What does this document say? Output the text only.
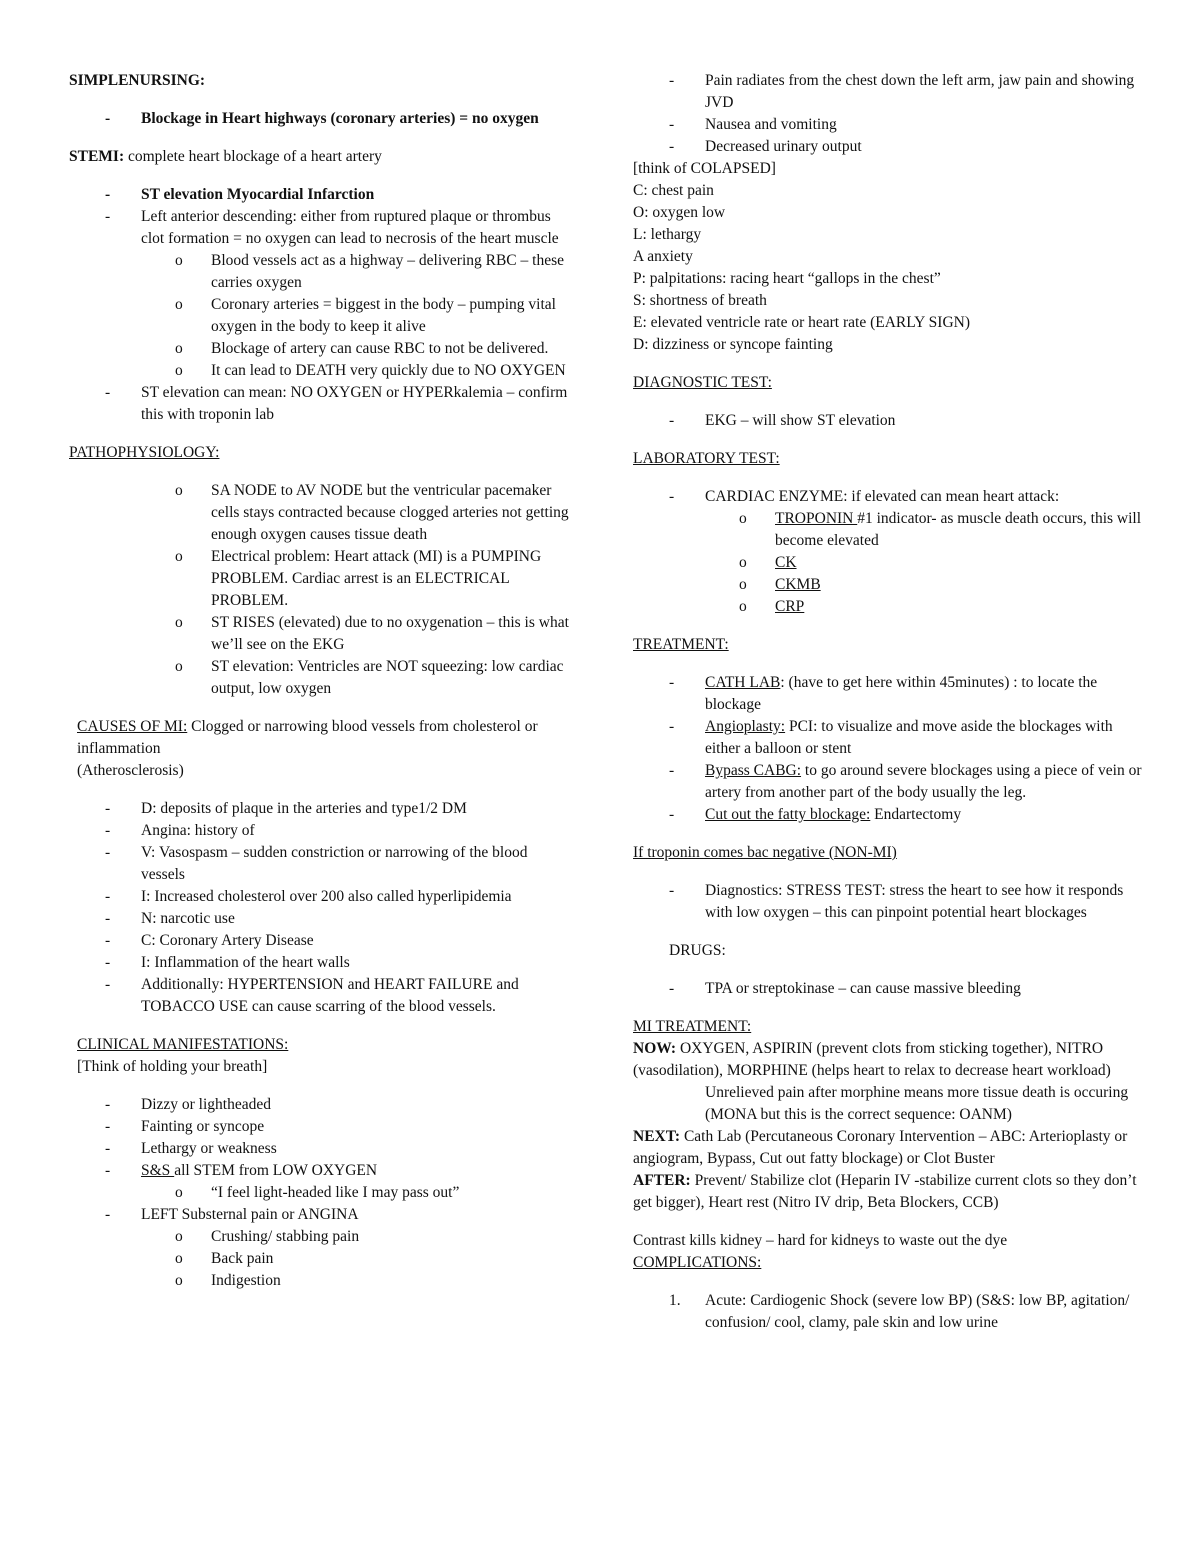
SIMPLENURSING:

-	Blockage in Heart highways (coronary arteries) = no oxygen

STEMI: complete heart blockage of a heart artery

-	ST elevation Myocardial Infarction
-	Left anterior descending: either from ruptured plaque or thrombus clot formation = no oxygen can lead to necrosis of the heart muscle
o	Blood vessels act as a highway – delivering RBC – these carries oxygen
o	Coronary arteries = biggest in the body – pumping vital oxygen in the body to keep it alive
o	Blockage of artery can cause RBC to not be delivered.
o	It can lead to DEATH very quickly due to NO OXYGEN
-	ST elevation can mean: NO OXYGEN or HYPERkalemia – confirm this with troponin lab

PATHOPHYSIOLOGY:

o	SA NODE to AV NODE but the ventricular pacemaker cells stays contracted because clogged arteries not getting enough oxygen causes tissue death
o	Electrical problem: Heart attack (MI) is a PUMPING PROBLEM. Cardiac arrest is an ELECTRICAL PROBLEM.
o	ST RISES (elevated) due to no oxygenation – this is what we’ll see on the EKG
o	ST elevation: Ventricles are NOT squeezing: low cardiac output, low oxygen

CAUSES OF MI: Clogged or narrowing blood vessels from cholesterol or inflammation

(Atherosclerosis)

-	D: deposits of plaque in the arteries and type1/2 DM
-	Angina: history of
-	V: Vasospasm – sudden constriction or narrowing of the blood vessels
-	I: Increased cholesterol over 200 also called hyperlipidemia
-	N: narcotic use
-	C: Coronary Artery Disease
-	I: Inflammation of the heart walls
-	Additionally: HYPERTENSION and HEART FAILURE and TOBACCO USE can cause scarring of the blood vessels.

CLINICAL MANIFESTATIONS:

[Think of holding your breath]

-	Dizzy or lightheaded
-	Fainting or syncope
-	Lethargy or weakness
-	S&S all STEM from LOW OXYGEN
o	“I feel light-headed like I may pass out”
-	LEFT Substernal pain or ANGINA
o	Crushing/ stabbing pain
o	Back pain
o	Indigestion
-	Pain radiates from the chest down the left arm, jaw pain and showing JVD
-	Nausea and vomiting
-	Decreased urinary output

[think of COLAPSED]

C: chest pain

O: oxygen low

L: lethargy

A anxiety

P: palpitations: racing heart “gallops in the chest”

S: shortness of breath

E: elevated ventricle rate or heart rate (EARLY SIGN)

D: dizziness or syncope fainting

DIAGNOSTIC TEST:

-	EKG – will show ST elevation

LABORATORY TEST:

-	CARDIAC ENZYME: if elevated can mean heart attack:
o	TROPONIN #1 indicator- as muscle death occurs, this will become elevated
o	CK
o	CKMB
o	CRP

TREATMENT:

-	CATH LAB: (have to get here within 45minutes) : to locate the blockage
-	Angioplasty: PCI: to visualize and move aside the blockages with either a balloon or stent
-	Bypass CABG: to go around severe blockages using a piece of vein or artery from another part of the body usually the leg.
-	Cut out the fatty blockage: Endartectomy

If troponin comes bac negative (NON-MI)

-	Diagnostics: STRESS TEST: stress the heart to see how it responds with low oxygen – this can pinpoint potential heart blockages

DRUGS:

-	TPA or streptokinase – can cause massive bleeding

MI TREATMENT:

NOW: OXYGEN, ASPIRIN (prevent clots from sticking together), NITRO (vasodilation), MORPHINE (helps heart to relax to decrease heart workload)

Unrelieved pain after morphine means more tissue death is occuring

(MONA but this is the correct sequence: OANM)

NEXT: Cath Lab (Percutaneous Coronary Intervention – ABC: Arterioplasty or angiogram, Bypass, Cut out fatty blockage) or Clot Buster

AFTER: Prevent/ Stabilize clot (Heparin IV -stabilize current clots so they don’t get bigger), Heart rest (Nitro IV drip, Beta Blockers, CCB)

Contrast kills kidney – hard for kidneys to waste out the dye

COMPLICATIONS:

1.	Acute: Cardiogenic Shock (severe low BP) (S&S: low BP, agitation/ confusion/ cool, clamy, pale skin and low urine
